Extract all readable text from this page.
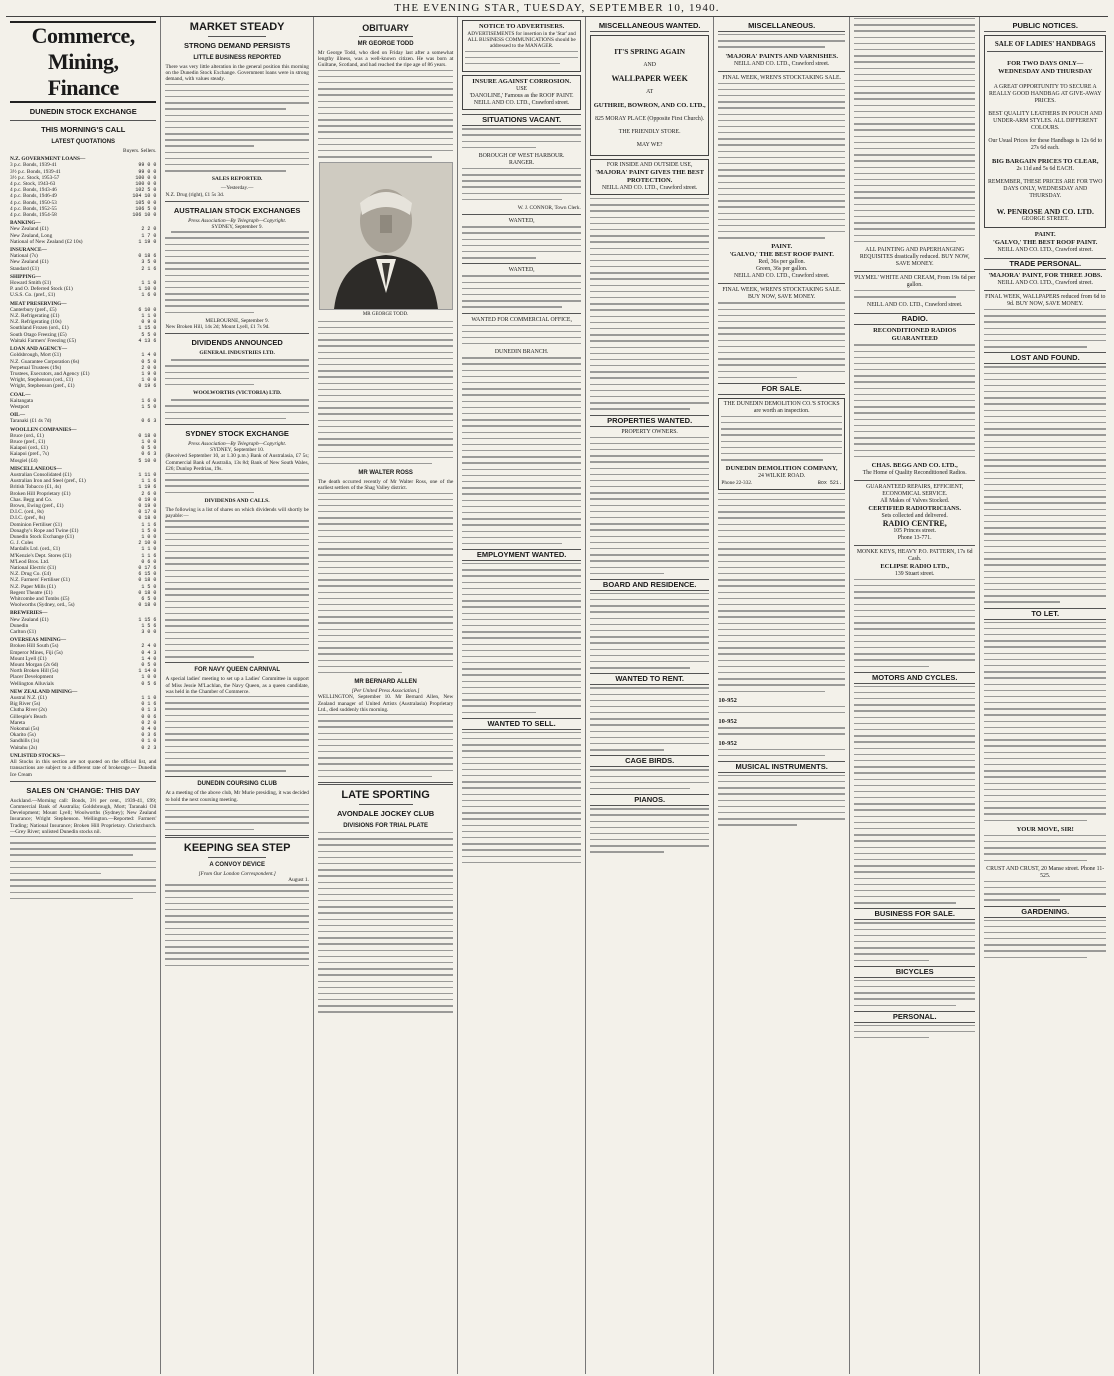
THE EVENING STAR, TUESDAY, SEPTEMBER 10, 1940.
Commerce, Mining, Finance
DUNEDIN STOCK EXCHANGE
THIS MORNING'S CALL
LATEST QUOTATIONS
Buyers. Sellers.
N.Z. GOVERNMENT LOANS—
3 p.c. Bonds, 1939-41	99 0 0
3½ p.c. Bonds, 1939-41	99 0 0
3½ p.c. Stock, 1953-57	100 0 0
4 p.c. Stock, 1943-63	100 0 0
4 p.c. Bonds, 1943-46	102 5 0
4 p.c. Bonds, 1946-49	104 10 0
4 p.c. Bonds, 1950-53	105 0 0
4 p.c. Bonds, 1952-55	106 5 0
4 p.c. Bonds, 1954-58	106 10 0
BANKING—
New Zealand (£1)	2 2 0
New Zealand, Long	1 7 0
National of New Zealand (£2 10s)	1 19 0
INSURANCE—
National (7s)	0 18 6
New Zealand (£1)	3 5 0
Standard (£1)	2 1 6
SHIPPING—
Howard Smith (£1)	1 1 0
P. and O. Deferred Stock (£1)	1 10 0
U.S.S. Co. (pref., £1)	1 6 0
MEAT PRESERVING—
Canterbury (pref., £5)	6 10 0
N.Z. Refrigerating (£1)	1 1 0
N.Z. Refrigerating (10s)	0 9 0
Southland Frozen (ord., £1)	1 15 0
South Otago Freezing (£5)	5 5 0
Waitaki Farmers' Freezing (£5)	4 13 6
LOAN AND AGENCY—
Goldsbrough, Mort (£1)	1 4 0
N.Z. Guarantee Corporation (6s)	0 5 0
Perpetual Trustees (19s)	2 0 0
Trustees, Executors, and Agency (£1)	1 9 0
Wright, Stephenson (ord., £1)	1 0 0
Wright, Stephenson (pref., £1)	0 19 6
COAL—
Kaitangata	1 6 0
Westport	1 5 0
OIL—
Taranaki (£1 4s 7d)	0 6 3
WOOLLEN COMPANIES—
Bruce (ord., £1)	0 18 0
Bruce (pref., £1)	1 0 0
Kaiapoi (ord., £1)	0 5 0
Kaiapoi (pref., 7s)	0 6 3
Mosgiel (£4)	5 10 0
MISCELLANEOUS—
Australian Consolidated (£1)	1 11 0
Australian Iron and Steel (pref., £1)	1 1 6
British Tobacco (£1, 4s)	1 19 6
Broken Hill Proprietary (£1)	2 6 0
Chas. Begg and Co.	0 19 0
Brown, Ewing (pref., £1)	0 19 0
D.I.C. (ord., 8s)	0 17 0
D.I.C. (pref., 8s)	0 18 0
Dominion Fertiliser (£1)	1 1 6
Donaghy's Rope and Twine (£1)	1 5 0
Dunedin Stock Exchange (£1)	1 0 0
G. J. Coles	2 10 0
Mardalls Ltd. (ord., £1)	1 1 0
M'Kenzie's Dept. Stores (£1)	1 1 6
M'Leod Bros. Ltd.	0 6 0
National Electric (£1)	0 17 6
N.Z. Drug Co. (£4)	6 15 0
N.Z. Farmers' Fertiliser (£1)	0 18 0
N.Z. Paper Mills (£1)	1 5 0
Regent Theatre (£1)	0 18 0
Whitcombe and Tombs (£5)	6 5 0
Woolworths (Sydney, ord., 5s)	0 18 0
BREWERIES—
New Zealand (£1)	1 15 6
Dunedin	1 5 6
Carlton (£1)	3 0 0
OVERSEAS MINING—
Broken Hill South (5s)	2 4 0
Emperor Mines, Fiji (5s)	0 4 3
Mount Lyell (£1)	1 4 0
Mount Morgan (2s 6d)	0 5 0
North Broken Hill (5s)	1 14 0
Placer Development	1 0 0
Wellington Alluvials	0 5 6
NEW ZEALAND MINING—
Austral N.Z. (£1)	1 1 0
Big River (5s)	0 1 6
Clutha River (2s)	0 1 3
Gillespie's Beach	0 0 6
Mareta	0 2 0
Nokomai (5s)	0 4 0
Okarito (5s)	0 3 6
Sandhills (1s)	0 1 0
Waitahu (2s)	0 2 3
UNLISTED STOCKS—

All Stocks in this section are not quoted on the official list, and transactions are subject to a different rate of brokerage.— Dunedin Ice Cream

SALES ON 'CHANGE: THIS DAY

Auckland.—Morning call: Bonds, 3½ per cent., 1939-41, £99; Commercial Bank of Australia; Goldsbrough, Mort; Taranaki Oil Development; Mount Lyell; Woolworths (Sydney); New Zealand Insurance; Wright Stephenson. Wellington.—Reported: Farmers' Trading; National Insurance; Broken Hill Proprietary. Christchurch.—Grey River; unlisted Dunedin stocks nil.

MARKET STEADY
STRONG DEMAND PERSISTS
LITTLE BUSINESS REPORTED

There was very little alteration in the general position this morning on the Dunedin Stock Exchange. Government loans were in strong demand, with values steady.

SALES REPORTED.
—Yesterday.—
N.Z. Drug (right), £1 5s 3d.
AUSTRALIAN STOCK EXCHANGES
Press Association—By Telegraph—Copyright.
SYDNEY, September 9.
MELBOURNE, September 9.

New Broken Hill, 14s 2d; Mount Lyell, £1 7s 9d.

DIVIDENDS ANNOUNCED
GENERAL INDUSTRIES LTD.
WOOLWORTHS (VICTORIA) LTD.
SYDNEY STOCK EXCHANGE
Press Association—By Telegraph—Copyright.
SYDNEY, September 10.

(Received September 10, at 1.30 p.m.) Bank of Australasia, £7 5s; Commercial Bank of Australia, 13s 8d; Bank of New South Wales, £26; Dunlop Perdriau, 19s.

DIVIDENDS AND CALLS.

The following is a list of shares on which dividends will shortly be payable:—

FOR NAVY QUEEN CARNIVAL

A special ladies' meeting to set up a Ladies' Committee in support of Miss Jessie M'Lachlan, the Navy Queen, as a queen candidate, was held in the Chamber of Commerce.

DUNEDIN COURSING CLUB

At a meeting of the above club, Mr Murie presiding, it was decided to hold the next coursing meeting.

KEEPING SEA STEP
A CONVOY DEVICE
[From Our London Correspondent.]
August 1.
OBITUARY
MR GEORGE TODD

Mr George Todd, who died on Friday last after a somewhat lengthy illness, was a well-known citizen. He was born at Guiltane, Scotland, and had reached the ripe age of 86 years.

MR GEORGE TODD.
MR WALTER ROSS

The death occurred recently of Mr Walter Ross, one of the earliest settlers of the Shag Valley district.

MR BERNARD ALLEN
[Per United Press Association.]

WELLINGTON, September 10. Mr Bernard Allen, New Zealand manager of United Artists (Australasia) Proprietary Ltd., died suddenly this morning.

LATE SPORTING
AVONDALE JOCKEY CLUB
DIVISIONS FOR TRIAL PLATE
NOTICE TO ADVERTISERS.

ADVERTISEMENTS for insertion in the 'Star' and ALL BUSINESS COMMUNICATIONS should be addressed to the MANAGER.

INSURE AGAINST CORROSION.
USE
'DANOLINE,' Famous as the ROOF PAINT.
NEILL AND CO. LTD., Crawford street.
SITUATIONS VACANT.
BOROUGH OF WEST HARBOUR.
RANGER.
W. J. CONNOR, Town Clerk.
WANTED,
WANTED,
WANTED FOR COMMERCIAL OFFICE,
DUNEDIN BRANCH.
EMPLOYMENT WANTED.
WANTED TO SELL.
MISCELLANEOUS WANTED.
IT'S SPRING AGAIN
AND
WALLPAPER WEEK
AT
GUTHRIE, BOWRON, AND CO. LTD.,
825 MORAY PLACE (Opposite First Church).
THE FRIENDLY STORE.
MAY WE?
FOR INSIDE AND OUTSIDE USE,
'MAJORA' PAINT GIVES THE BEST PROTECTION.
NEILL AND CO. LTD., Crawford street.
PROPERTIES WANTED.
PROPERTY OWNERS.
BOARD AND RESIDENCE.
WANTED TO RENT.
CAGE BIRDS.
PIANOS.
MISCELLANEOUS.
'MAJORA' PAINTS AND VARNISHES.
NEILL AND CO. LTD., Crawford street.
FINAL WEEK, WREN'S STOCKTAKING SALE.
PAINT.
'GALVO,' THE BEST ROOF PAINT.
Red, 36s per gallon.
Green, 36s per gallon.
NEILL AND CO. LTD., Crawford street.
FINAL WEEK, WREN'S STOCKTAKING SALE.
BUY NOW, SAVE MONEY.
FOR SALE.
THE DUNEDIN DEMOLITION CO.'S STOCKS are worth an inspection.
DUNEDIN DEMOLITION COMPANY,
24 WILKIE ROAD.
Phone 22-332.	Box 521.
10-952
10-952
10-952
MUSICAL INSTRUMENTS.
ALL PAINTING AND PAPERHANGING REQUISITES drastically reduced. BUY NOW, SAVE MONEY.
'PLYMEL' WHITE AND CREAM, From 19s 6d per gallon.
NEILL AND CO. LTD., Crawford street.
RADIO.
RECONDITIONED RADIOS GUARANTEED
CHAS. BEGG AND CO. LTD.,
The Home of Quality Reconditioned Radios.
GUARANTEED REPAIRS, EFFICIENT, ECONOMICAL SERVICE.
All Makes of Valves Stocked.
CERTIFIED RADIOTRICIANS.
Sets collected and delivered.
RADIO CENTRE,
105 Princes street.
Phone 13-771.
MONKE KEYS, HEAVY P.O. PATTERN, 17s 6d Cash.
ECLIPSE RADIO LTD.,
139 Stuart street.
MOTORS AND CYCLES.
BUSINESS FOR SALE.
BICYCLES
PERSONAL.
PUBLIC NOTICES.
SALE OF LADIES' HANDBAGS
FOR TWO DAYS ONLY—WEDNESDAY AND THURSDAY
A GREAT OPPORTUNITY TO SECURE A REALLY GOOD HANDBAG AT GIVE-AWAY PRICES.
BEST QUALITY LEATHERS IN POUCH AND UNDER-ARM STYLES. ALL DIFFERENT COLOURS.
Our Usual Prices for these Handbags is 12s 6d to 27s 6d each.
BIG BARGAIN PRICES TO CLEAR,
2s 11d and 5s 6d EACH.
REMEMBER, THESE PRICES ARE FOR TWO DAYS ONLY, WEDNESDAY AND THURSDAY.
W. PENROSE AND CO. LTD.
GEORGE STREET.
PAINT.
'GALVO,' THE BEST ROOF PAINT.
NEILL AND CO. LTD., Crawford street.
TRADE PERSONAL.
'MAJORA' PAINT, FOR THREE JOBS.
NEILL AND CO. LTD., Crawford street.
FINAL WEEK, WALLPAPERS reduced from 6d to 9d. BUY NOW, SAVE MONEY.
LOST AND FOUND.
TO LET.
YOUR MOVE, SIR!
CRUST AND CRUST, 20 Manse street. Phone 11-525.
GARDENING.
